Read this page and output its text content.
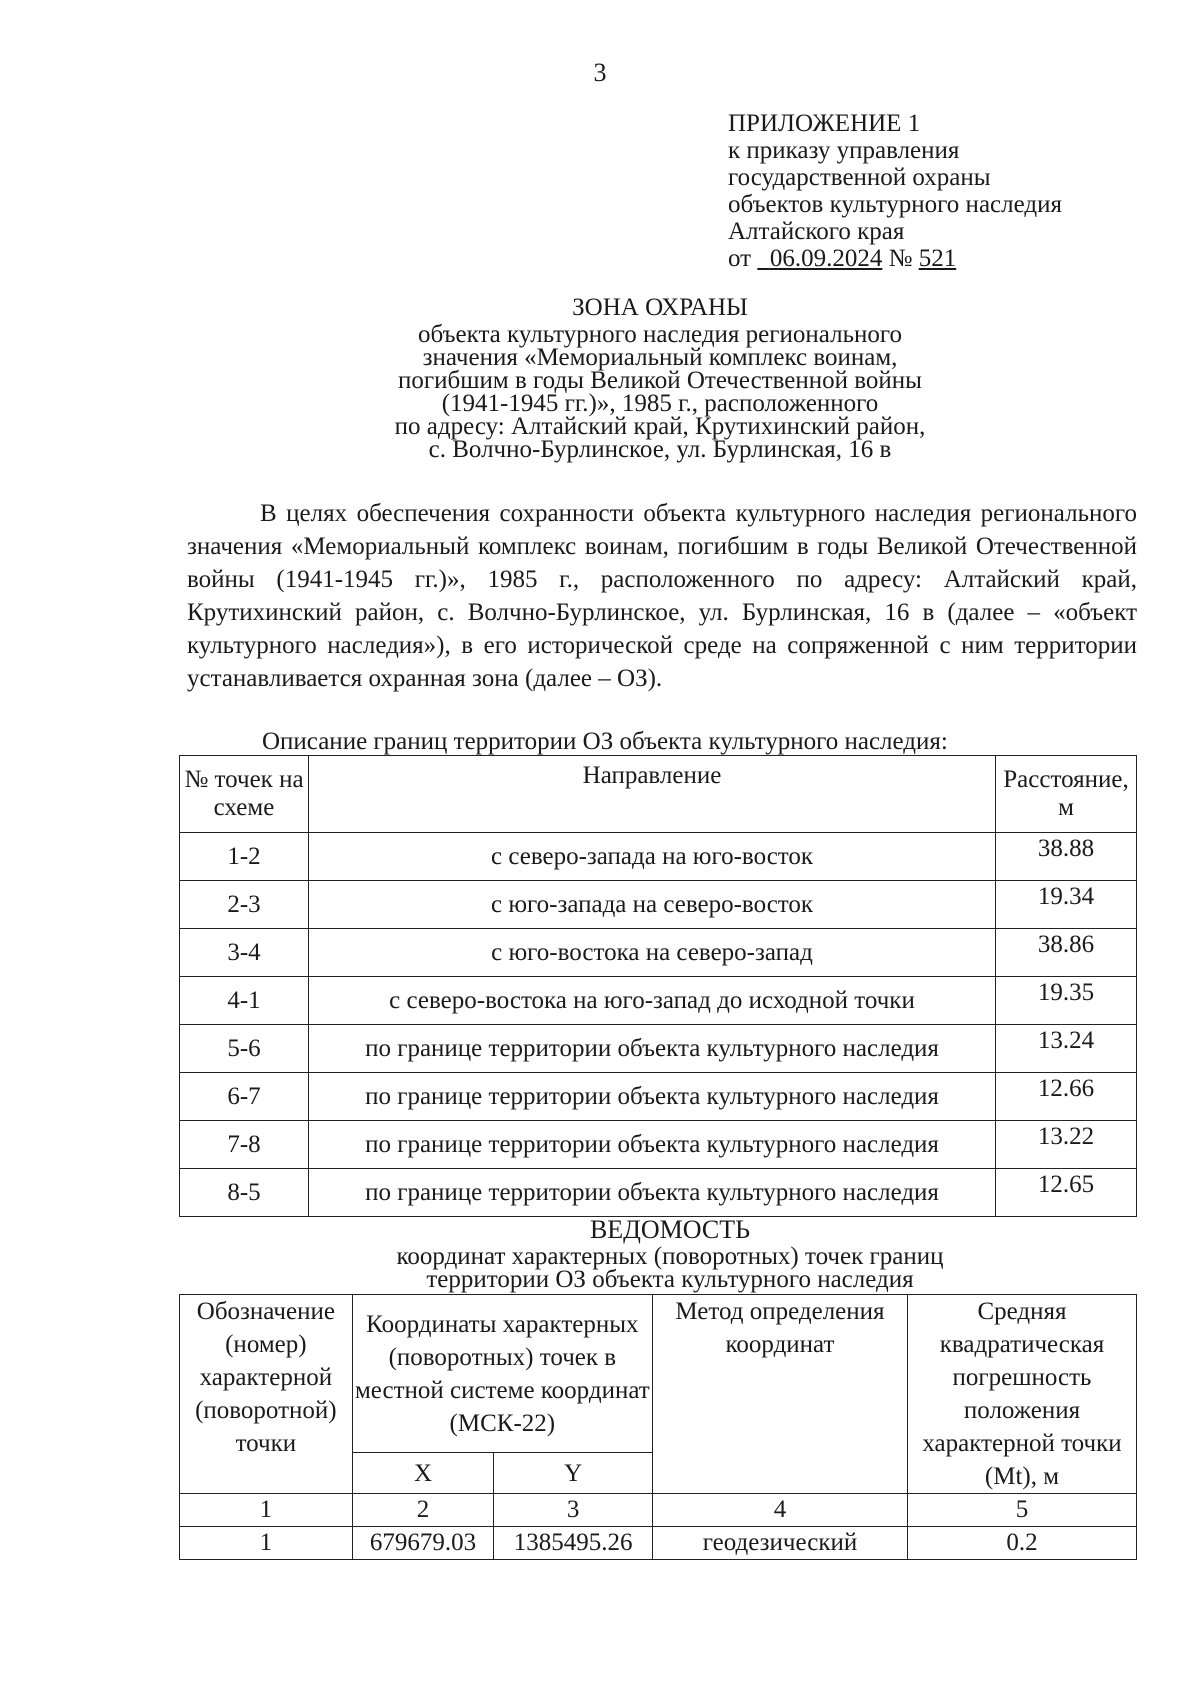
3
ПРИЛОЖЕНИЕ 1
к приказу управления
государственной охраны
объектов культурного наследия
Алтайского края
от 06.09.2024 № 521
ЗОНА ОХРАНЫ
объекта культурного наследия регионального
значения «Мемориальный комплекс воинам,
погибшим в годы Великой Отечественной войны
(1941-1945 гг.)», 1985 г., расположенного
по адресу: Алтайский край, Крутихинский район,
с. Волчно-Бурлинское, ул. Бурлинская, 16 в

В целях обеспечения сохранности объекта культурного наследия регионального значения «Мемориальный комплекс воинам, погибшим в годы Великой Отечественной войны (1941-1945 гг.)», 1985 г., расположенного по адресу: Алтайский край, Крутихинский район, с. Волчно-Бурлинское, ул. Бурлинская, 16 в (далее – «объект культурного наследия»), в его исторической среде на сопряженной с ним территории устанавливается охранная зона (далее – ОЗ).

Описание границ территории ОЗ объекта культурного наследия:
№ точек на схеме	Направление	Расстояние, м
1-2	с северо-запада на юго-восток	38.88
2-3	с юго-запада на северо-восток	19.34
3-4	с юго-востока на северо-запад	38.86
4-1	с северо-востока на юго-запад до исходной точки	19.35
5-6	по границе территории объекта культурного наследия	13.24
6-7	по границе территории объекта культурного наследия	12.66
7-8	по границе территории объекта культурного наследия	13.22
8-5	по границе территории объекта культурного наследия	12.65
ВЕДОМОСТЬ
координат характерных (поворотных) точек границ
территории ОЗ объекта культурного наследия
Обозначение (номер) характерной (поворотной) точки	Координаты характерных (поворотных) точек в местной системе координат (МСК-22)		Метод определения координат	Средняя квадратическая погрешность положения характерной точки (Mt), м
	X	Y		
1	2	3	4	5
1	679679.03	1385495.26	геодезический	0.2
